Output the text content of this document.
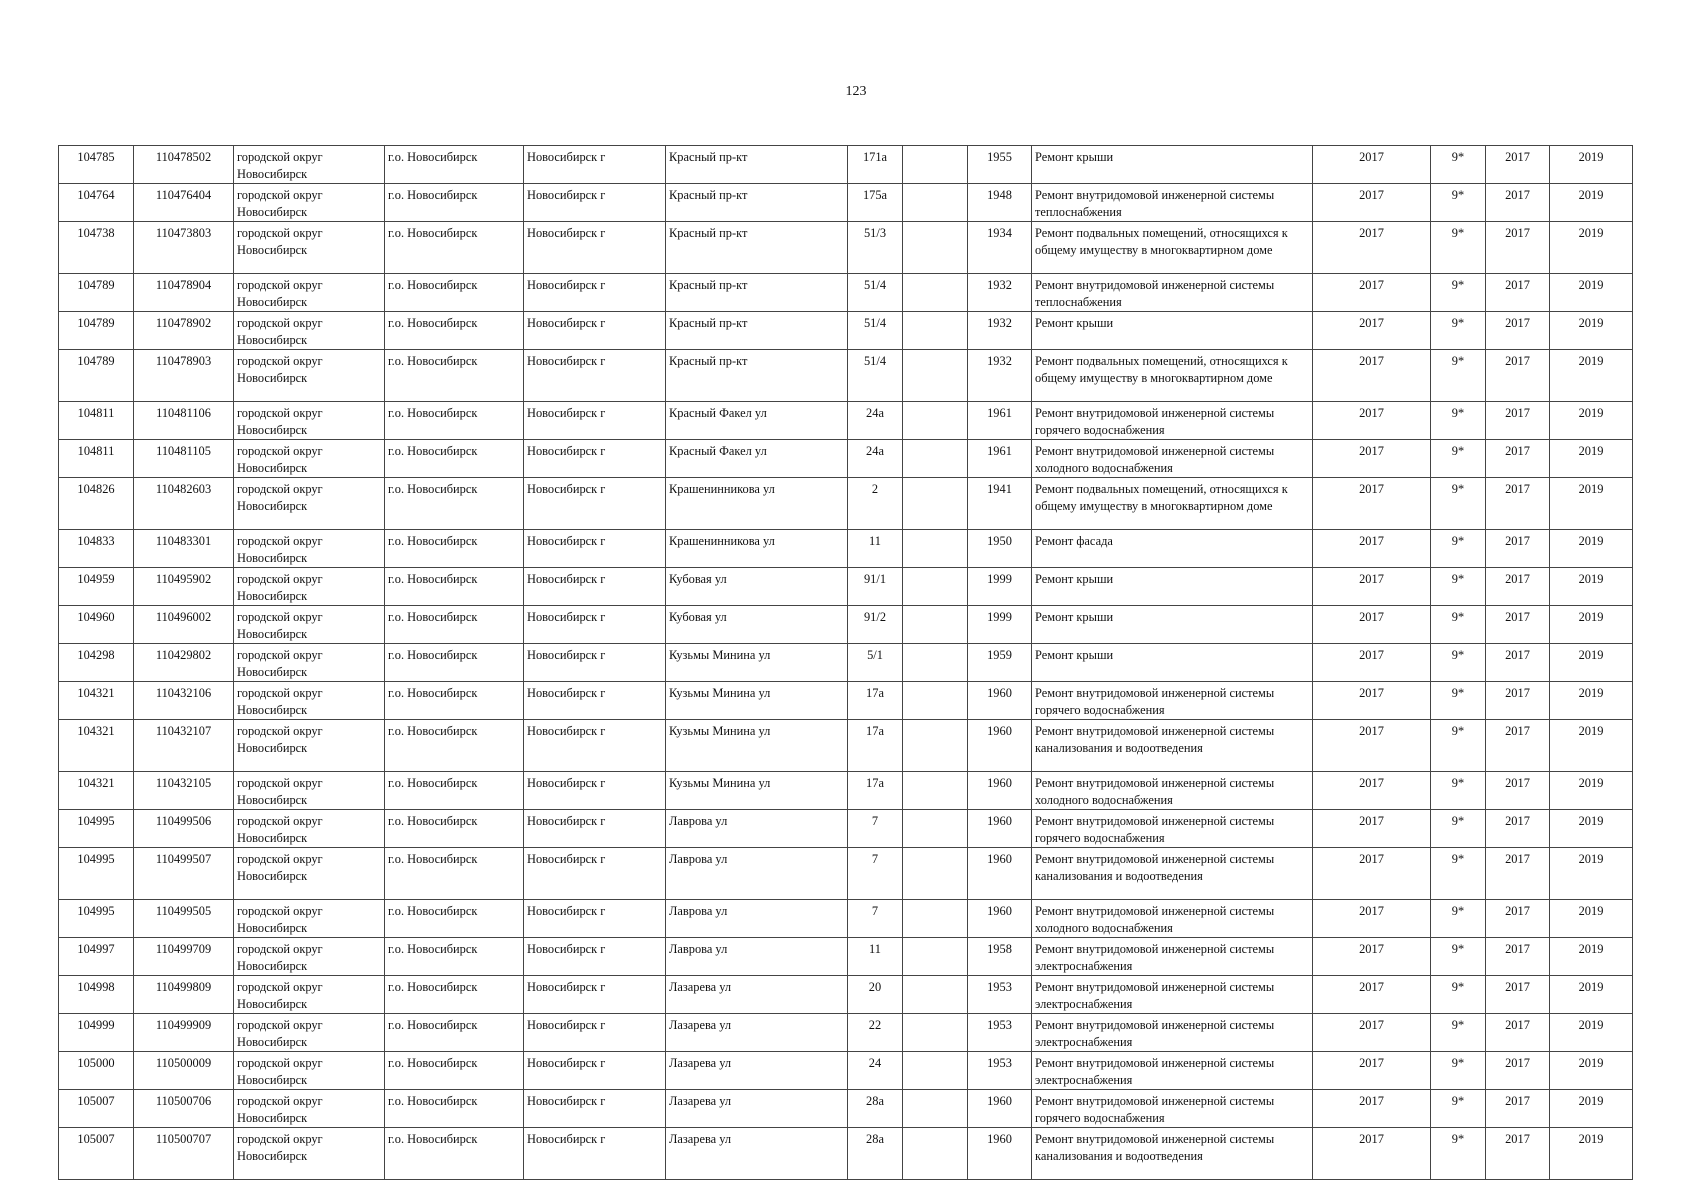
123
104785	110478502	городской округ Новосибирск	г.о. Новосибирск	Новосибирск г	Красный пр-кт	171а		1955	Ремонт крыши	2017	9*	2017	2019
104764	110476404	городской округ Новосибирск	г.о. Новосибирск	Новосибирск г	Красный пр-кт	175а		1948	Ремонт внутридомовой инженерной системы теплоснабжения	2017	9*	2017	2019
104738	110473803	городской округ Новосибирск	г.о. Новосибирск	Новосибирск г	Красный пр-кт	51/3		1934	Ремонт подвальных помещений, относящихся к общему имуществу в многоквартирном доме	2017	9*	2017	2019
104789	110478904	городской округ Новосибирск	г.о. Новосибирск	Новосибирск г	Красный пр-кт	51/4		1932	Ремонт внутридомовой инженерной системы теплоснабжения	2017	9*	2017	2019
104789	110478902	городской округ Новосибирск	г.о. Новосибирск	Новосибирск г	Красный пр-кт	51/4		1932	Ремонт крыши	2017	9*	2017	2019
104789	110478903	городской округ Новосибирск	г.о. Новосибирск	Новосибирск г	Красный пр-кт	51/4		1932	Ремонт подвальных помещений, относящихся к общему имуществу в многоквартирном доме	2017	9*	2017	2019
104811	110481106	городской округ Новосибирск	г.о. Новосибирск	Новосибирск г	Красный Факел ул	24а		1961	Ремонт внутридомовой инженерной системы горячего водоснабжения	2017	9*	2017	2019
104811	110481105	городской округ Новосибирск	г.о. Новосибирск	Новосибирск г	Красный Факел ул	24а		1961	Ремонт внутридомовой инженерной системы холодного водоснабжения	2017	9*	2017	2019
104826	110482603	городской округ Новосибирск	г.о. Новосибирск	Новосибирск г	Крашенинникова ул	2		1941	Ремонт подвальных помещений, относящихся к общему имуществу в многоквартирном доме	2017	9*	2017	2019
104833	110483301	городской округ Новосибирск	г.о. Новосибирск	Новосибирск г	Крашенинникова ул	11		1950	Ремонт фасада	2017	9*	2017	2019
104959	110495902	городской округ Новосибирск	г.о. Новосибирск	Новосибирск г	Кубовая ул	91/1		1999	Ремонт крыши	2017	9*	2017	2019
104960	110496002	городской округ Новосибирск	г.о. Новосибирск	Новосибирск г	Кубовая ул	91/2		1999	Ремонт крыши	2017	9*	2017	2019
104298	110429802	городской округ Новосибирск	г.о. Новосибирск	Новосибирск г	Кузьмы Минина ул	5/1		1959	Ремонт крыши	2017	9*	2017	2019
104321	110432106	городской округ Новосибирск	г.о. Новосибирск	Новосибирск г	Кузьмы Минина ул	17а		1960	Ремонт внутридомовой инженерной системы горячего водоснабжения	2017	9*	2017	2019
104321	110432107	городской округ Новосибирск	г.о. Новосибирск	Новосибирск г	Кузьмы Минина ул	17а		1960	Ремонт внутридомовой инженерной системы канализования и водоотведения	2017	9*	2017	2019
104321	110432105	городской округ Новосибирск	г.о. Новосибирск	Новосибирск г	Кузьмы Минина ул	17а		1960	Ремонт внутридомовой инженерной системы холодного водоснабжения	2017	9*	2017	2019
104995	110499506	городской округ Новосибирск	г.о. Новосибирск	Новосибирск г	Лаврова ул	7		1960	Ремонт внутридомовой инженерной системы горячего водоснабжения	2017	9*	2017	2019
104995	110499507	городской округ Новосибирск	г.о. Новосибирск	Новосибирск г	Лаврова ул	7		1960	Ремонт внутридомовой инженерной системы канализования и водоотведения	2017	9*	2017	2019
104995	110499505	городской округ Новосибирск	г.о. Новосибирск	Новосибирск г	Лаврова ул	7		1960	Ремонт внутридомовой инженерной системы холодного водоснабжения	2017	9*	2017	2019
104997	110499709	городской округ Новосибирск	г.о. Новосибирск	Новосибирск г	Лаврова ул	11		1958	Ремонт внутридомовой инженерной системы электроснабжения	2017	9*	2017	2019
104998	110499809	городской округ Новосибирск	г.о. Новосибирск	Новосибирск г	Лазарева ул	20		1953	Ремонт внутридомовой инженерной системы электроснабжения	2017	9*	2017	2019
104999	110499909	городской округ Новосибирск	г.о. Новосибирск	Новосибирск г	Лазарева ул	22		1953	Ремонт внутридомовой инженерной системы электроснабжения	2017	9*	2017	2019
105000	110500009	городской округ Новосибирск	г.о. Новосибирск	Новосибирск г	Лазарева ул	24		1953	Ремонт внутридомовой инженерной системы электроснабжения	2017	9*	2017	2019
105007	110500706	городской округ Новосибирск	г.о. Новосибирск	Новосибирск г	Лазарева ул	28а		1960	Ремонт внутридомовой инженерной системы горячего водоснабжения	2017	9*	2017	2019
105007	110500707	городской округ Новосибирск	г.о. Новосибирск	Новосибирск г	Лазарева ул	28а		1960	Ремонт внутридомовой инженерной системы канализования и водоотведения	2017	9*	2017	2019
